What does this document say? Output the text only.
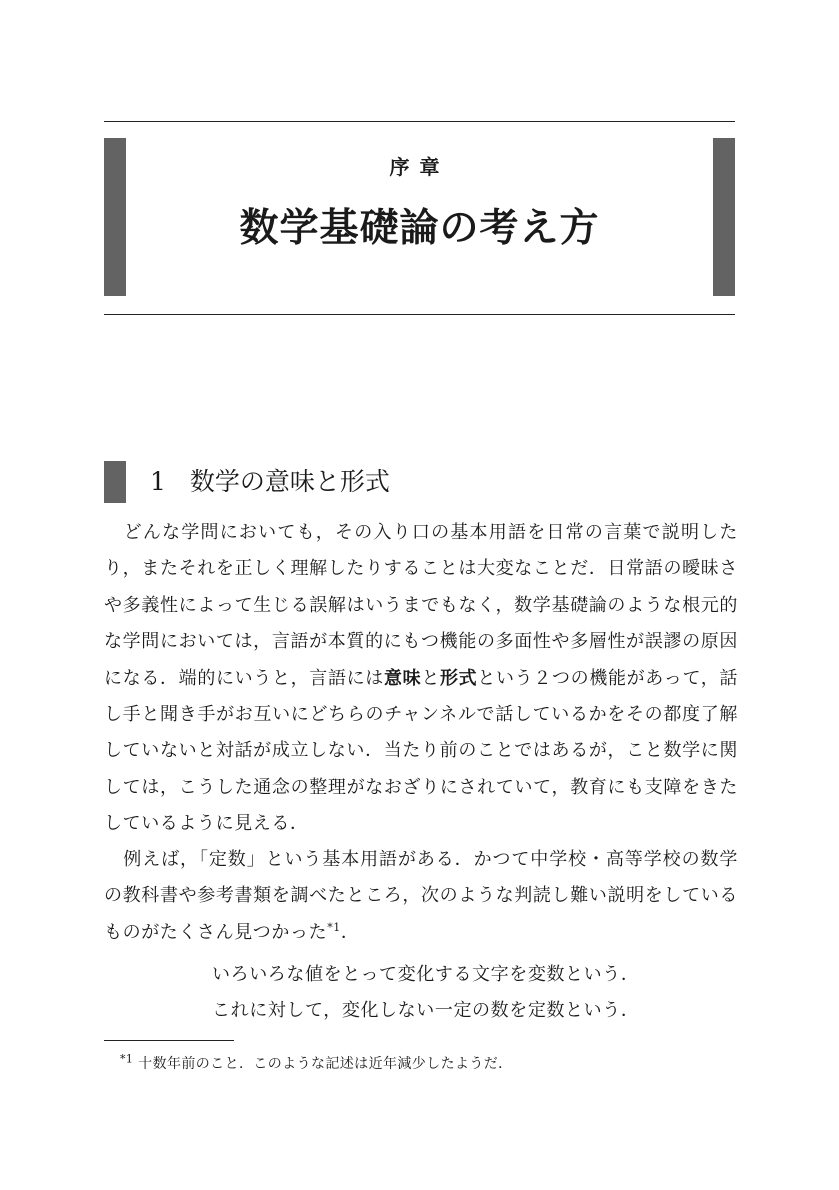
序章
数学基礎論の考え方
1 数学の意味と形式

どんな学問においても，その入り口の基本用語を日常の言葉で説明したり，またそれを正しく理解したりすることは大変なことだ．日常語の曖昧さや多義性によって生じる誤解はいうまでもなく，数学基礎論のような根元的な学問においては，言語が本質的にもつ機能の多面性や多層性が誤謬の原因になる．端的にいうと，言語には意味と形式という２つの機能があって，話し手と聞き手がお互いにどちらのチャンネルで話しているかをその都度了解していないと対話が成立しない．当たり前のことではあるが，こと数学に関しては，こうした通念の整理がなおざりにされていて，教育にも支障をきたしているように見える．

例えば，「定数」という基本用語がある．かつて中学校・高等学校の数学の教科書や参考書類を調べたところ，次のような判読し難い説明をしているものがたくさん見つかった$^{*1}$．

いろいろな値をとって変化する文字を変数という．
これに対して，変化しない一定の数を定数という．
$^{*1}$ 十数年前のこと．このような記述は近年減少したようだ．
